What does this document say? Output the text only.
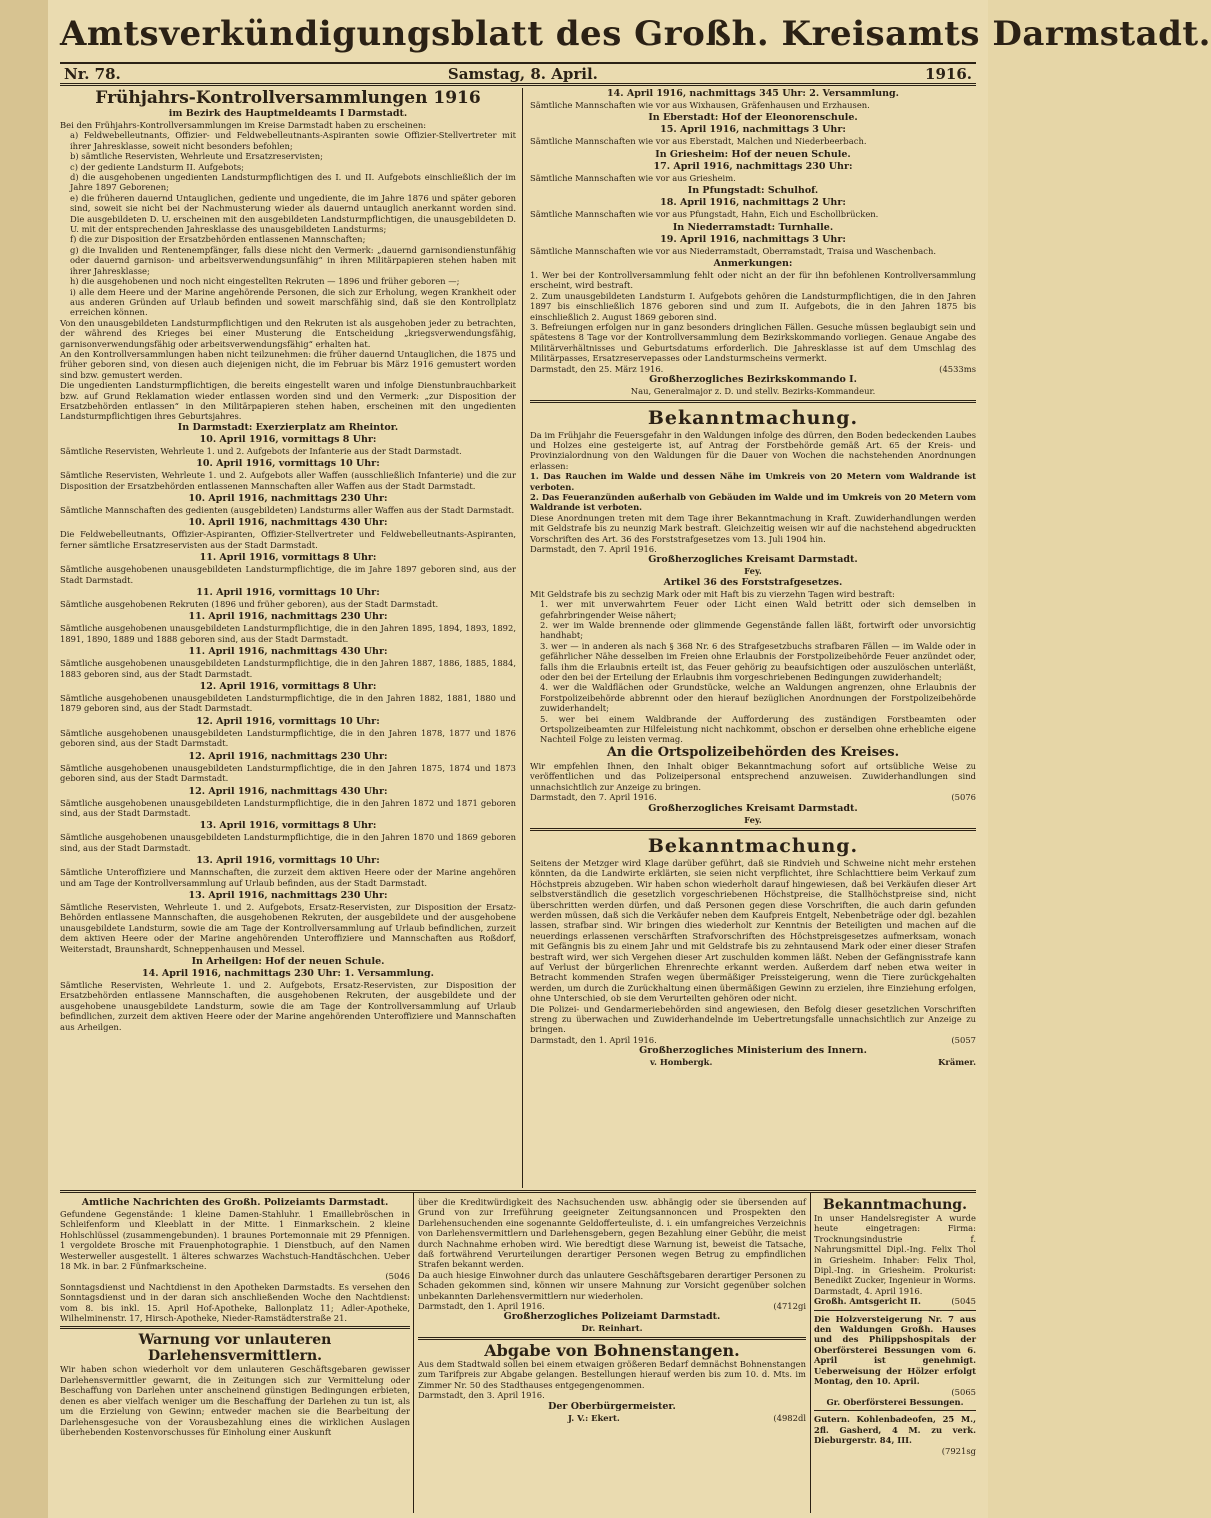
Amtsverkündigungsblatt des Großh. Kreisamts Darmstadt.
Nr. 78.	Samstag, 8. April.	1916.
Frühjahrs-Kontrollversammlungen 1916
im Bezirk des Hauptmeldeamts I Darmstadt.
Bei den Frühjahrs-Kontrollversammlungen im Kreise Darmstadt haben zu erscheinen:
a) Feldwebelleutnants, Offizier- und Feldwebelleutnants-Aspiranten sowie Offizier-Stellvertreter mit ihrer Jahresklasse, soweit nicht besonders befohlen;
b) sämtliche Reservisten, Wehrleute und Ersatzreservisten;
c) der gediente Landsturm II. Aufgebots;
d) die ausgehobenen ungedienten Landsturmpflichtigen des I. und II. Aufgebots einschließlich der im Jahre 1897 Geborenen;
e) die früheren dauernd Untauglichen, gediente und ungediente, die im Jahre 1876 und später geboren sind, soweit sie nicht bei der Nachmusterung wieder als dauernd untauglich anerkannt worden sind. Die ausgebildeten D. U. erscheinen mit den ausgebildeten Landsturmpflichtigen, die unausgebildeten D. U. mit der entsprechenden Jahresklasse des unausgebildeten Landsturms;
f) die zur Disposition der Ersatzbehörden entlassenen Mannschaften;
g) die Invaliden und Rentenempfänger, falls diese nicht den Vermerk: „dauernd garnisondienstunfähig oder dauernd garnison- und arbeitsverwendungsunfähig“ in ihren Militärpapieren stehen haben mit ihrer Jahresklasse;
h) die ausgehobenen und noch nicht eingestellten Rekruten — 1896 und früher geboren —;
i) alle dem Heere und der Marine angehörende Personen, die sich zur Erholung, wegen Krankheit oder aus anderen Gründen auf Urlaub befinden und soweit marschfähig sind, daß sie den Kontrollplatz erreichen können.
Von den unausgebildeten Landsturmpflichtigen und den Rekruten ist als ausgehoben jeder zu betrachten, der während des Krieges bei einer Musterung die Entscheidung „kriegsverwendungsfähig, garnisonverwendungsfähig oder arbeitsverwendungsfähig“ erhalten hat.
An den Kontrollversammlungen haben nicht teilzunehmen: die früher dauernd Untauglichen, die 1875 und früher geboren sind, von diesen auch diejenigen nicht, die im Februar bis März 1916 gemustert worden sind bzw. gemustert werden.
Die ungedienten Landsturmpflichtigen, die bereits eingestellt waren und infolge Dienstunbrauchbarkeit bzw. auf Grund Reklamation wieder entlassen worden sind und den Vermerk: „zur Disposition der Ersatzbehörden entlassen“ in den Militärpapieren stehen haben, erscheinen mit den ungedienten Landsturmpflichtigen ihres Geburtsjahres.
In Darmstadt: Exerzierplatz am Rheintor.
10. April 1916, vormittags 8 Uhr:
Sämtliche Reservisten, Wehrleute 1. und 2. Aufgebots der Infanterie aus der Stadt Darmstadt.
10. April 1916, vormittags 10 Uhr:
Sämtliche Reservisten, Wehrleute 1. und 2. Aufgebots aller Waffen (ausschließlich Infanterie) und die zur Disposition der Ersatzbehörden entlassenen Mannschaften aller Waffen aus der Stadt Darmstadt.
10. April 1916, nachmittags 230 Uhr:
Sämtliche Mannschaften des gedienten (ausgebildeten) Landsturms aller Waffen aus der Stadt Darmstadt.
10. April 1916, nachmittags 430 Uhr:
Die Feldwebelleutnants, Offizier-Aspiranten, Offizier-Stellvertreter und Feldwebelleutnants-Aspiranten, ferner sämtliche Ersatzreservisten aus der Stadt Darmstadt.
11. April 1916, vormittags 8 Uhr:
Sämtliche ausgehobenen unausgebildeten Landsturmpflichtige, die im Jahre 1897 geboren sind, aus der Stadt Darmstadt.
11. April 1916, vormittags 10 Uhr:
Sämtliche ausgehobenen Rekruten (1896 und früher geboren), aus der Stadt Darmstadt.
11. April 1916, nachmittags 230 Uhr:
Sämtliche ausgehobenen unausgebildeten Landsturmpflichtige, die in den Jahren 1895, 1894, 1893, 1892, 1891, 1890, 1889 und 1888 geboren sind, aus der Stadt Darmstadt.
11. April 1916, nachmittags 430 Uhr:
Sämtliche ausgehobenen unausgebildeten Landsturmpflichtige, die in den Jahren 1887, 1886, 1885, 1884, 1883 geboren sind, aus der Stadt Darmstadt.
12. April 1916, vormittags 8 Uhr:
Sämtliche ausgehobenen unausgebildeten Landsturmpflichtige, die in den Jahren 1882, 1881, 1880 und 1879 geboren sind, aus der Stadt Darmstadt.
12. April 1916, vormittags 10 Uhr:
Sämtliche ausgehobenen unausgebildeten Landsturmpflichtige, die in den Jahren 1878, 1877 und 1876 geboren sind, aus der Stadt Darmstadt.
12. April 1916, nachmittags 230 Uhr:
Sämtliche ausgehobenen unausgebildeten Landsturmpflichtige, die in den Jahren 1875, 1874 und 1873 geboren sind, aus der Stadt Darmstadt.
12. April 1916, nachmittags 430 Uhr:
Sämtliche ausgehobenen unausgebildeten Landsturmpflichtige, die in den Jahren 1872 und 1871 geboren sind, aus der Stadt Darmstadt.
13. April 1916, vormittags 8 Uhr:
Sämtliche ausgehobenen unausgebildeten Landsturmpflichtige, die in den Jahren 1870 und 1869 geboren sind, aus der Stadt Darmstadt.
13. April 1916, vormittags 10 Uhr:
Sämtliche Unteroffiziere und Mannschaften, die zurzeit dem aktiven Heere oder der Marine angehören und am Tage der Kontrollversammlung auf Urlaub befinden, aus der Stadt Darmstadt.
13. April 1916, nachmittags 230 Uhr:
Sämtliche Reservisten, Wehrleute 1. und 2. Aufgebots, Ersatz-Reservisten, zur Disposition der Ersatz-Behörden entlassene Mannschaften, die ausgehobenen Rekruten, der ausgebildete und der ausgehobene unausgebildete Landsturm, sowie die am Tage der Kontrollversammlung auf Urlaub befindlichen, zurzeit dem aktiven Heere oder der Marine angehörenden Unteroffiziere und Mannschaften aus Roßdorf, Weiterstadt, Braunshardt, Schneppenhausen und Messel.
In Arheilgen: Hof der neuen Schule.
14. April 1916, nachmittags 230 Uhr: 1. Versammlung.
Sämtliche Reservisten, Wehrleute 1. und 2. Aufgebots, Ersatz-Reservisten, zur Disposition der Ersatzbehörden entlassene Mannschaften, die ausgehobenen Rekruten, der ausgebildete und der ausgehobene unausgebildete Landsturm, sowie die am Tage der Kontrollversammlung auf Urlaub befindlichen, zurzeit dem aktiven Heere oder der Marine angehörenden Unteroffiziere und Mannschaften aus Arheilgen.
14. April 1916, nachmittags 345 Uhr: 2. Versammlung.
Sämtliche Mannschaften wie vor aus Wixhausen, Gräfenhausen und Erzhausen.
In Eberstadt: Hof der Eleonorenschule.
15. April 1916, nachmittags 3 Uhr:
Sämtliche Mannschaften wie vor aus Eberstadt, Malchen und Niederbeerbach.
In Griesheim: Hof der neuen Schule.
17. April 1916, nachmittags 230 Uhr:
Sämtliche Mannschaften wie vor aus Griesheim.
In Pfungstadt: Schulhof.
18. April 1916, nachmittags 2 Uhr:
Sämtliche Mannschaften wie vor aus Pfungstadt, Hahn, Eich und Eschollbrücken.
In Niederramstadt: Turnhalle.
19. April 1916, nachmittags 3 Uhr:
Sämtliche Mannschaften wie vor aus Niederramstadt, Oberramstadt, Traisa und Waschenbach.
Anmerkungen:
1. Wer bei der Kontrollversammlung fehlt oder nicht an der für ihn befohlenen Kontrollversammlung erscheint, wird bestraft.
2. Zum unausgebildeten Landsturm I. Aufgebots gehören die Landsturmpflichtigen, die in den Jahren 1897 bis einschließlich 1876 geboren sind und zum II. Aufgebots, die in den Jahren 1875 bis einschließlich 2. August 1869 geboren sind.
3. Befreiungen erfolgen nur in ganz besonders dringlichen Fällen. Gesuche müssen beglaubigt sein und spätestens 8 Tage vor der Kontrollversammlung dem Bezirkskommando vorliegen. Genaue Angabe des Militärverhältnisses und Geburtsdatums erforderlich. Die Jahresklasse ist auf dem Umschlag des Militärpasses, Ersatzreservepasses oder Landsturmscheins vermerkt.
Darmstadt, den 25. März 1916.	(4533ms
Großherzogliches Bezirkskommando I.
Nau, Generalmajor z. D. und stellv. Bezirks-Kommandeur.
Bekanntmachung.
Da im Frühjahr die Feuersgefahr in den Waldungen infolge des dürren, den Boden bedeckenden Laubes und Holzes eine gesteigerte ist, auf Antrag der Forstbehörde gemäß Art. 65 der Kreis- und Provinzialordnung von den Waldungen für die Dauer von Wochen die nachstehenden Anordnungen erlassen:
1. Das Rauchen im Walde und dessen Nähe im Umkreis von 20 Metern vom Waldrande ist verboten.
2. Das Feueranzünden außerhalb von Gebäuden im Walde und im Umkreis von 20 Metern vom Waldrande ist verboten.
Diese Anordnungen treten mit dem Tage ihrer Bekanntmachung in Kraft. Zuwiderhandlungen werden mit Geldstrafe bis zu neunzig Mark bestraft. Gleichzeitig weisen wir auf die nachstehend abgedruckten Vorschriften des Art. 36 des Forststrafgesetzes vom 13. Juli 1904 hin.
Darmstadt, den 7. April 1916.
Großherzogliches Kreisamt Darmstadt.
Fey.
Artikel 36 des Forststrafgesetzes.
Mit Geldstrafe bis zu sechzig Mark oder mit Haft bis zu vierzehn Tagen wird bestraft:
1. wer mit unverwahrtem Feuer oder Licht einen Wald betritt oder sich demselben in gefahrbringender Weise nähert;
2. wer im Walde brennende oder glimmende Gegenstände fallen läßt, fortwirft oder unvorsichtig handhabt;
3. wer — in anderen als nach § 368 Nr. 6 des Strafgesetzbuchs strafbaren Fällen — im Walde oder in gefährlicher Nähe desselben im Freien ohne Erlaubnis der Forstpolizeibehörde Feuer anzündet oder, falls ihm die Erlaubnis erteilt ist, das Feuer gehörig zu beaufsichtigen oder auszulöschen unterläßt, oder den bei der Erteilung der Erlaubnis ihm vorgeschriebenen Bedingungen zuwiderhandelt;
4. wer die Waldflächen oder Grundstücke, welche an Waldungen angrenzen, ohne Erlaubnis der Forstpolizeibehörde abbrennt oder den hierauf bezüglichen Anordnungen der Forstpolizeibehörde zuwiderhandelt;
5. wer bei einem Waldbrande der Aufforderung des zuständigen Forstbeamten oder Ortspolizeibeamten zur Hilfeleistung nicht nachkommt, obschon er derselben ohne erhebliche eigene Nachteil Folge zu leisten vermag.
An die Ortspolizeibehörden des Kreises.
Wir empfehlen Ihnen, den Inhalt obiger Bekanntmachung sofort auf ortsübliche Weise zu veröffentlichen und das Polizeipersonal entsprechend anzuweisen. Zuwiderhandlungen sind unnachsichtlich zur Anzeige zu bringen.
Darmstadt, den 7. April 1916.	(5076
Großherzogliches Kreisamt Darmstadt.
Fey.
Bekanntmachung.
Seitens der Metzger wird Klage darüber geführt, daß sie Rindvieh und Schweine nicht mehr erstehen könnten, da die Landwirte erklärten, sie seien nicht verpflichtet, ihre Schlachttiere beim Verkauf zum Höchstpreis abzugeben. Wir haben schon wiederholt darauf hingewiesen, daß bei Verkäufen dieser Art selbstverständlich die gesetzlich vorgeschriebenen Höchstpreise, die Stallhöchstpreise sind, nicht überschritten werden dürfen, und daß Personen gegen diese Vorschriften, die auch darin gefunden werden müssen, daß sich die Verkäufer neben dem Kaufpreis Entgelt, Nebenbeträge oder dgl. bezahlen lassen, strafbar sind. Wir bringen dies wiederholt zur Kenntnis der Beteiligten und machen auf die neuerdings erlassenen verschärften Strafvorschriften des Höchstpreisgesetzes aufmerksam, wonach mit Gefängnis bis zu einem Jahr und mit Geldstrafe bis zu zehntausend Mark oder einer dieser Strafen bestraft wird, wer sich Vergehen dieser Art zuschulden kommen läßt. Neben der Gefängnisstrafe kann auf Verlust der bürgerlichen Ehrenrechte erkannt werden. Außerdem darf neben etwa weiter in Betracht kommenden Strafen wegen übermäßiger Preissteigerung, wenn die Tiere zurückgehalten werden, um durch die Zurückhaltung einen übermäßigen Gewinn zu erzielen, ihre Einziehung erfolgen, ohne Unterschied, ob sie dem Verurteilten gehören oder nicht.
Die Polizei- und Gendarmeriebehörden sind angewiesen, den Befolg dieser gesetzlichen Vorschriften streng zu überwachen und Zuwiderhandelnde im Uebertretungsfalle unnachsichtlich zur Anzeige zu bringen.
Darmstadt, den 1. April 1916.	(5057
Großherzogliches Ministerium des Innern.
v. Hombergk.	Krämer.
Amtliche Nachrichten des Großh. Polizeiamts Darmstadt.
Gefundene Gegenstände: 1 kleine Damen-Stahluhr. 1 Emaillebröschen in Schleifenform und Kleeblatt in der Mitte. 1 Einmarkschein. 2 kleine Hohlschlüssel (zusammengebunden). 1 braunes Portemonnaie mit 29 Pfennigen. 1 vergoldete Brosche mit Frauenphotographie. 1 Dienstbuch, auf den Namen Westerweller ausgestellt. 1 älteres schwarzes Wachstuch-Handtäschchen. Ueber 18 Mk. in bar. 2 Fünfmarkscheine.
(5046
Sonntagsdienst und Nachtdienst in den Apotheken Darmstadts. Es versehen den Sonntagsdienst und in der daran sich anschließenden Woche den Nachtdienst: vom 8. bis inkl. 15. April Hof-Apotheke, Ballonplatz 11; Adler-Apotheke, Wilhelminenstr. 17, Hirsch-Apotheke, Nieder-Ramstädterstraße 21.
Warnung vor unlauteren Darlehensvermittlern.
Wir haben schon wiederholt vor dem unlauteren Geschäftsgebaren gewisser Darlehensvermittler gewarnt, die in Zeitungen sich zur Vermittelung oder Beschaffung von Darlehen unter anscheinend günstigen Bedingungen erbieten, denen es aber vielfach weniger um die Beschaffung der Darlehen zu tun ist, als um die Erzielung von Gewinn; entweder machen sie die Bearbeitung der Darlehensgesuche von der Vorausbezahlung eines die wirklichen Auslagen überhebenden Kostenvorschusses für Einholung einer Auskunft
über die Kreditwürdigkeit des Nachsuchenden usw. abhängig oder sie übersenden auf Grund von zur Irreführung geeigneter Zeitungsannoncen und Prospekten den Darlehensuchenden eine sogenannte Geldofferteuliste, d. i. ein umfangreiches Verzeichnis von Darlehensvermittlern und Darlehensgebern, gegen Bezahlung einer Gebühr, die meist durch Nachnahme erhoben wird. Wie beredtigt diese Warnung ist, beweist die Tatsache, daß fortwährend Verurteilungen derartiger Personen wegen Betrug zu empfindlichen Strafen bekannt werden.
Da auch hiesige Einwohner durch das unlautere Geschäftsgebaren derartiger Personen zu Schaden gekommen sind, können wir unsere Mahnung zur Vorsicht gegenüber solchen unbekannten Darlehensvermittlern nur wiederholen.
Darmstadt, den 1. April 1916.	(4712gi
Großherzogliches Polizeiamt Darmstadt.
Dr. Reinhart.
Abgabe von Bohnenstangen.
Aus dem Stadtwald sollen bei einem etwaigen größeren Bedarf demnächst Bohnenstangen zum Tarifpreis zur Abgabe gelangen. Bestellungen hierauf werden bis zum 10. d. Mts. im Zimmer Nr. 50 des Stadthauses entgegengenommen.
Darmstadt, den 3. April 1916.
Der Oberbürgermeister.
J. V.: Ekert.	(4982dl
Bekanntmachung.
In unser Handelsregister A wurde heute eingetragen: Firma: Trocknungsindustrie f. Nahrungsmittel Dipl.-Ing. Felix Thol in Griesheim. Inhaber: Felix Thol, Dipl.-Ing. in Griesheim. Prokurist: Benedikt Zucker, Ingenieur in Worms.
Darmstadt, 4. April 1916.
Großh. Amtsgericht II.	(5045
Die Holzversteigerung Nr. 7 aus den Waldungen Großh. Hauses und des Philippshospitals der Oberförsterei Bessungen vom 6. April ist genehmigt. Ueberweisung der Hölzer erfolgt Montag, den 10. April.
(5065
Gr. Oberförsterei Bessungen.
Gutern. Kohlenbadeofen, 25 M., 2fl. Gasherd, 4 M. zu verk. Dieburgerstr. 84, III.
(7921sg
